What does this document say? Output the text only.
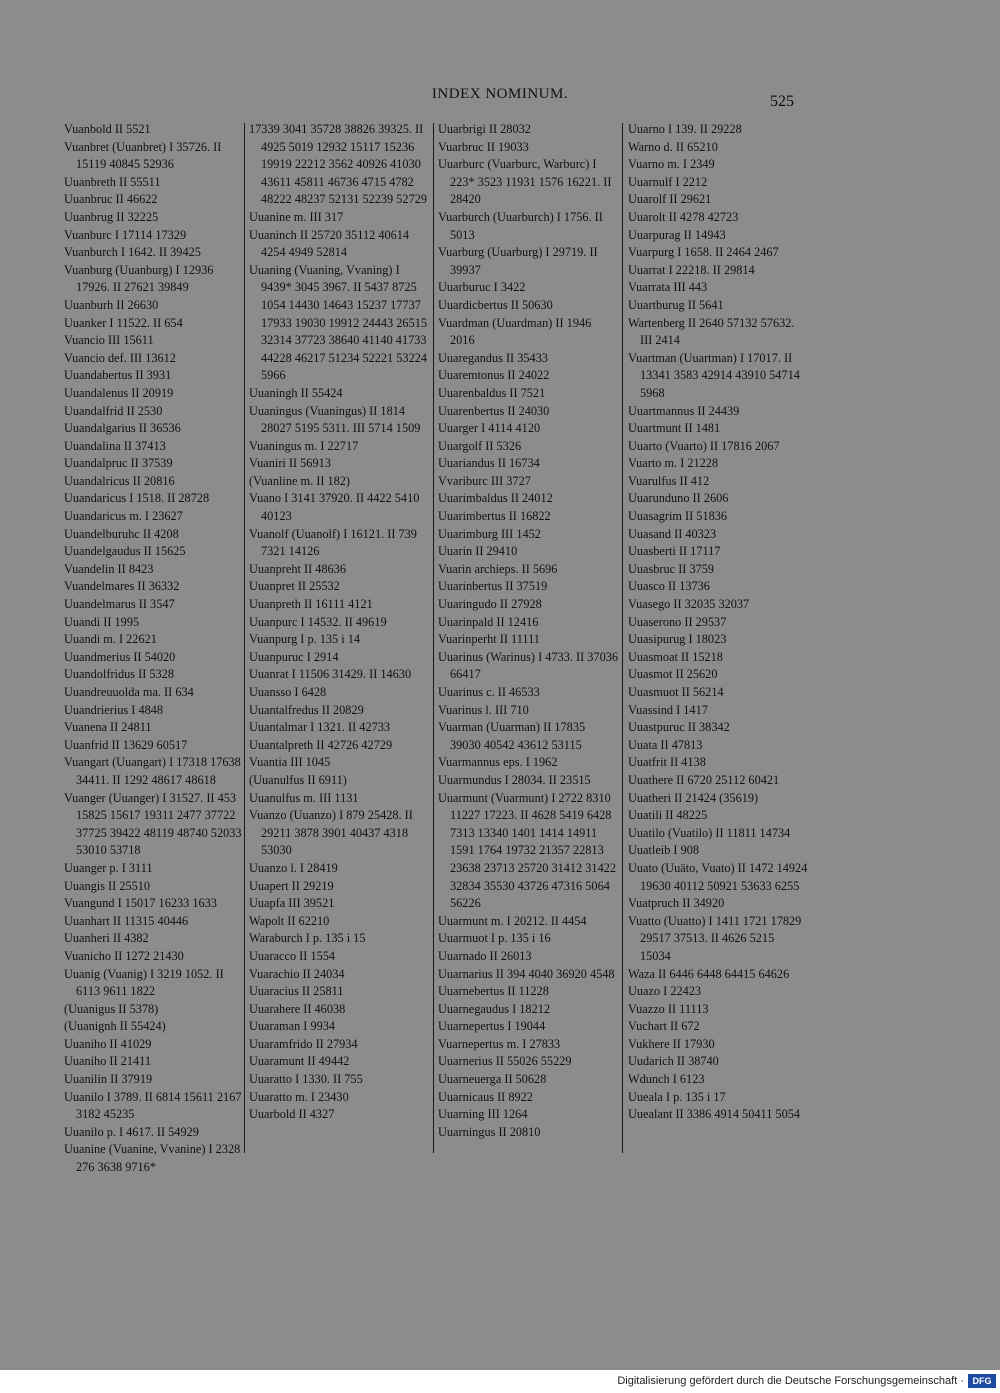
INDEX NOMINUM.	525
Vuanbold II 5521
Vuanbret (Uuanbret) I 35726. II 15119 40845 52936
Uuanbreth II 55511
Uuanbruc II 46622
Uuanbrug II 32225
Vuanburc I 17114 17329
Vuanburch I 1642. II 39425
Vuanburg (Uuanburg) I 12936 17926. II 27621 39849
Uuanburh II 26630
Uuanker I 11522. II 654
Vuancio III 15611
Vuancio def. III 13612
Uuandabertus II 3931
Uuandalenus II 20919
Uuandalfrid II 2530
Uuandalgarius II 36536
Uuandalina II 37413
Uuandalpruc II 37539
Uuandalricus II 20816
Uuandaricus I 1518. II 28728
Uuandaricus m. I 23627
Uuandelburuhc II 4208
Uuandelgaudus II 15625
Vuandelin II 8423
Vuandelmares II 36332
Uuandelmarus II 3547
Uuandi II 1995
Uuandi m. I 22621
Uuandmerius II 54020
Uuandolfridus II 5328
Uuandreuuolda ma. II 634
Uuandrierius I 4848
Vuanena II 24811
Uuanfrid II 13629 60517
Vuangart (Uuangart) I 17318 17638 34411. II 1292 48617 48618
Vuanger (Uuanger) I 31527. II 453 15825 15617 19311 2477 37722 37725 39422 48119 48740 52033 53010 53718
Uuanger p. I 3111
Uuangis II 25510
Vuangund I 15017 16233 1633
Uuanhart II 11315 40446
Uuanheri II 4382
Vuanicho II 1272 21430
Uuanig (Vuanig) I 3219 1052. II 6113 9611 1822
(Uuanigus II 5378)
(Uuanignh II 55424)
Uuaniho II 41029
Uuaniho II 21411
Uuanilin II 37919
Uuanilo I 3789. II 6814 15611 2167 3182 45235
Uuanilo p. I 4617. II 54929
Uuanine (Vuanine, Vvanine) I 2328 276 3638 9716*
17339 3041 35728 38826 39325. II 4925 5019 12932 15117 15236 19919 22212 3562 40926 41030 43611 45811 46736 4715 4782 48222 48237 52131 52239 52729
Uuanine m. III 317
Uuaninch II 25720 35112 40614 4254 4949 52814
Uuaning (Vuaning, Vvaning) I 9439* 3045 3967. II 5437 8725 1054 14430 14643 15237 17737 17933 19030 19912 24443 26515 32314 37723 38640 41140 41733 44228 46217 51234 52221 53224 5966
Uuaningh II 55424
Uuaningus (Vuaningus) II 1814 28027 5195 5311. III 5714 1509
Vuaningus m. I 22717
Vuaniri II 56913
(Vuanline m. II 182)
Vuano I 3141 37920. II 4422 5410 40123
Vuanolf (Uuanolf) I 16121. II 739 7321 14126
Uuanpreht II 48636
Uuanpret II 25532
Uuanpreth II 16111 4121
Uuanpurc I 14532. II 49619
Vuanpurg I p. 135 i 14
Uuanpuruc I 2914
Uuanrat I 11506 31429. II 14630
Uuansso I 6428
Uuantalfredus II 20829
Uuantalmar I 1321. II 42733
Uuantalpreth II 42726 42729
Vuantia III 1045
(Uuanulfus II 6911)
Uuanulfus m. III 1131
Vuanzo (Uuanzo) I 879 25428. II 29211 3878 3901 40437 4318 53030
Uuanzo l. I 28419
Uuapert II 29219
Uuapfa III 39521
Wapolt II 62210
Waraburch I p. 135 i 15
Uuaracco II 1554
Vuarachio II 24034
Uuaracius II 25811
Uuarahere II 46038
Uuaraman I 9934
Uuaramfrido II 27934
Uuaramunt II 49442
Uuaratto I 1330. II 755
Uuaratto m. I 23430
Uuarbold II 4327
Uuarbrigi II 28032
Vuarbruc II 19033
Uuarburc (Vuarburc, Warburc) I 223* 3523 11931 1576 16221. II 28420
Vuarburch (Uuarburch) I 1756. II 5013
Vuarburg (Uuarburg) I 29719. II 39937
Uuarburuc I 3422
Uuardicbertus II 50630
Vuardman (Uuardman) II 1946 2016
Uuaregandus II 35433
Uuaremtonus II 24022
Uuarenbaldus II 7521
Uuarenbertus II 24030
Uuarger I 4114 4120
Uuargolf II 5326
Uuariandus II 16734
Vvariburc III 3727
Uuarimbaldus II 24012
Uuarimbertus II 16822
Uuarimburg III 1452
Uuarin II 29410
Vuarin archieps. II 5696
Uuarinbertus II 37519
Uuaringudo II 27928
Uuarinpald II 12416
Vuarinperht II 11111
Uuarinus (Warinus) I 4733. II 37036 66417
Uuarinus c. II 46533
Vuarinus l. III 710
Vuarman (Uuarman) II 17835 39030 40542 43612 53115
Vuarmannus eps. I 1962
Uuarmundus I 28034. II 23515
Uuarmunt (Vuarmunt) I 2722 8310 11227 17223. II 4628 5419 6428 7313 13340 1401 1414 14911 1591 1764 19732 21357 22813 23638 23713 25720 31412 31422 32834 35530 43726 47316 5064 56226
Uuarmunt m. I 20212. II 4454
Uuarmuot I p. 135 i 16
Uuarnado II 26013
Uuarnarius II 394 4040 36920 4548
Uuarnebertus II 11228
Uuarnegaudus I 18212
Uuarnepertus I 19044
Vuarnepertus m. I 27833
Uuarnerius II 55026 55229
Uuarneuerga II 50628
Uuarnicaus II 8922
Uuarning III 1264
Uuarningus II 20810
Uuarno I 139. II 29228
Warno d. II 65210
Vuarno m. I 2349
Uuarnulf I 2212
Uuarolf II 29621
Uuarolt II 4278 42723
Uuarpurag II 14943
Vuarpurg I 1658. II 2464 2467
Uuarrat I 22218. II 29814
Vuarrata III 443
Uuartburug II 5641
Wartenberg II 2640 57132 57632. III 2414
Vuartman (Uuartman) I 17017. II 13341 3583 42914 43910 54714 5968
Uuartmannus II 24439
Uuartmunt II 1481
Uuarto (Vuarto) II 17816 2067
Vuarto m. I 21228
Vuarulfus II 412
Uuarunduno II 2606
Uuasagrim II 51836
Uuasand II 40323
Uuasberti II 17117
Uuasbruc II 3759
Uuasco II 13736
Vuasego II 32035 32037
Uuaserono II 29537
Uuasipurug I 18023
Uuasmoat II 15218
Uuasmot II 25620
Uuasmuot II 56214
Vuassind I 1417
Uuastpuruc II 38342
Uuata II 47813
Uuatfrit II 4138
Uuathere II 6720 25112 60421
Uuatheri II 21424 (35619)
Uuatili II 48225
Uuatilo (Vuatilo) II 11811 14734
Uuatleib I 908
Uuato (Uuäto, Vuato) II 1472 14924 19630 40112 50921 53633 6255
Vuatpruch II 34920
Vuatto (Uuatto) I 1411 1721 17829 29517 37513. II 4626 5215 15034
Waza II 6446 6448 64415 64626
Uuazo I 22423
Vuazzo II 11113
Vuchart II 672
Vukhere II 17930
Uudarich II 38740
Wdunch I 6123
Uueala I p. 135 i 17
Uuealant II 3386 4914 50411 5054
Digitalisierung gefördert durch die Deutsche Forschungsgemeinschaft · DFG
